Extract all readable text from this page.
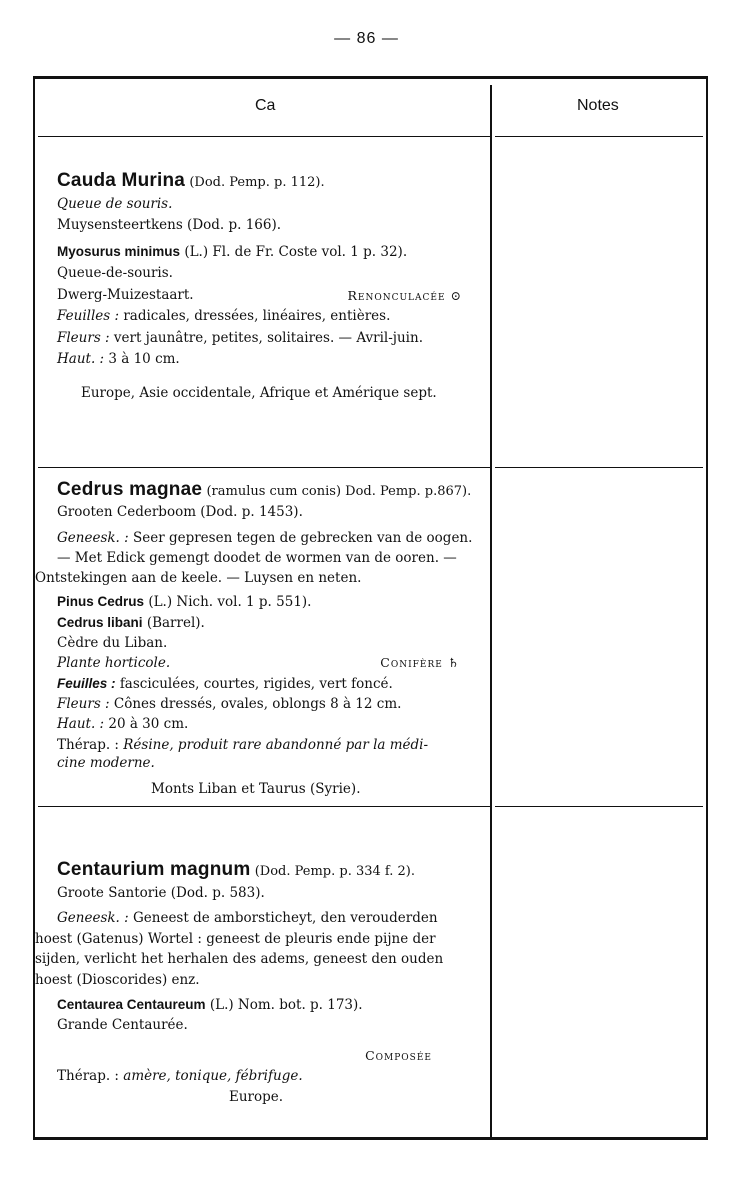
— 86 —
Ca	Notes

Cauda Murina (Dod. Pemp. p. 112).

Queue de souris.

Muysensteertkens (Dod. p. 166).

Myosurus minimus (L.) Fl. de Fr. Coste vol. 1 p. 32).

Queue-de-souris.

Dwerg-Muizestaart.	Renonculacée ⊙

Feuilles : radicales, dressées, linéaires, entières.

Fleurs : vert jaunâtre, petites, solitaires. — Avril-juin.

Haut. : 3 à 10 cm.

Europe, Asie occidentale, Afrique et Amérique sept.

Cedrus magnae (ramulus cum conis) Dod. Pemp. p.867).

Grooten Cederboom (Dod. p. 1453).

Geneesk. : Seer gepresen tegen de gebrecken van de oogen.

— Met Edick gemengt doodet de wormen van de ooren. —

Ontstekingen aan de keele. — Luysen en neten.

Pinus Cedrus (L.) Nich. vol. 1 p. 551).

Cedrus libani (Barrel).

Cèdre du Liban.

Plante horticole.	Conifère ♄

Feuilles : fasciculées, courtes, rigides, vert foncé.

Fleurs : Cônes dressés, ovales, oblongs 8 à 12 cm.

Haut. : 20 à 30 cm.

Thérap. : Résine, produit rare abandonné par la médi-

cine moderne.

Monts Liban et Taurus (Syrie).

Centaurium magnum (Dod. Pemp. p. 334 f. 2).

Groote Santorie (Dod. p. 583).

Geneesk. : Geneest de amborsticheyt, den verouderden

hoest (Gatenus) Wortel : geneest de pleuris ende pijne der

sijden, verlicht het herhalen des adems, geneest den ouden

hoest (Dioscorides) enz.

Centaurea Centaureum (L.) Nom. bot. p. 173).

Grande Centaurée.

Composée

Thérap. : amère, tonique, fébrifuge.

Europe.
